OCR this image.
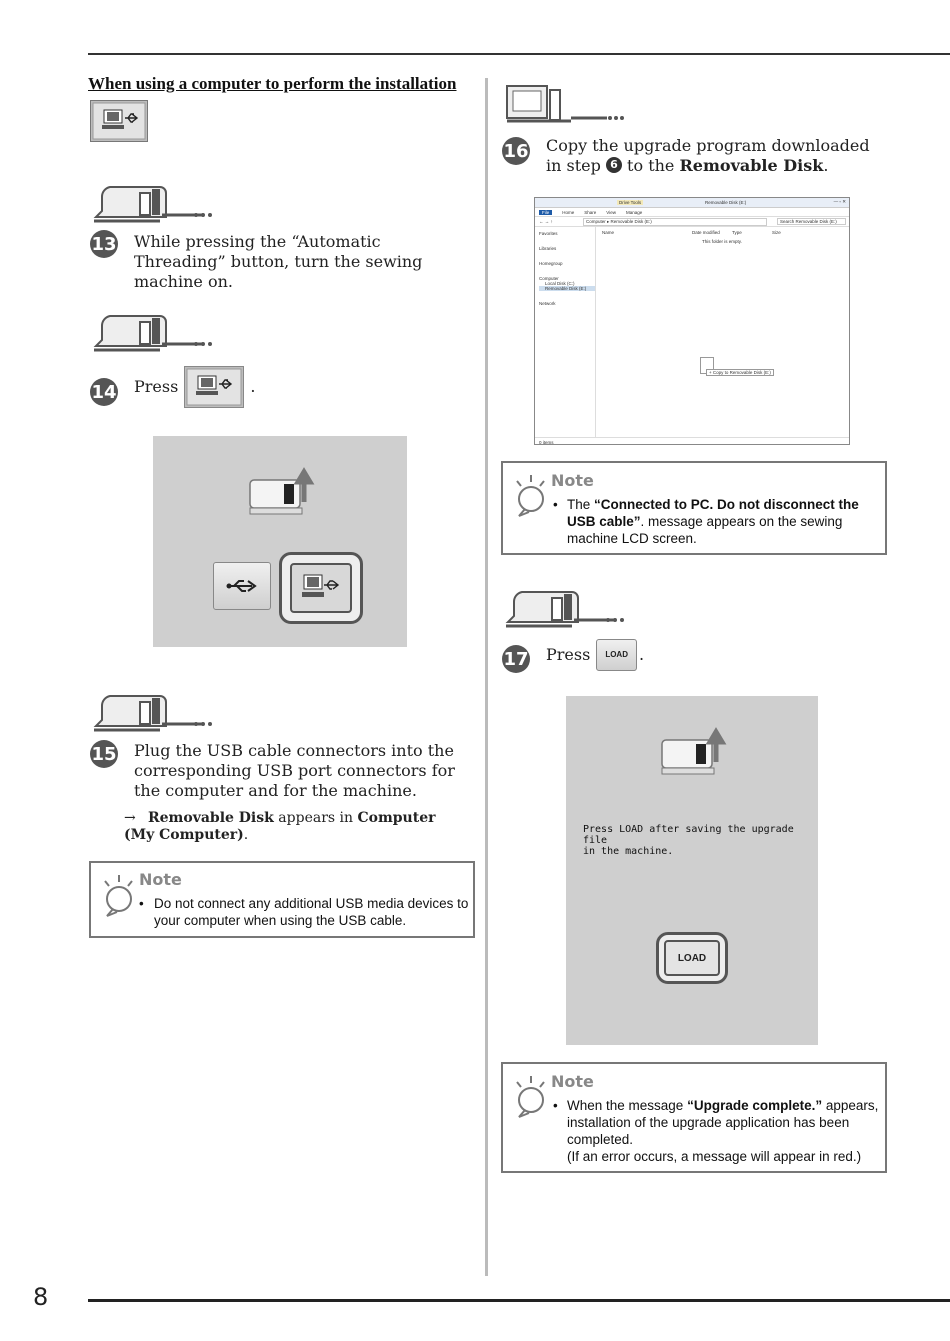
8
When using a computer to perform the installation
13 While pressing the “Automatic Threading” button, turn the sewing machine on.
14 Press	.
15 Plug the USB cable connectors into the corresponding USB port connectors for the computer and for the machine.
→ Removable Disk appears in Computer (My Computer).
Note
• Do not connect any additional USB media devices to your computer when using the USB cable.
16 Copy the upgrade program downloaded in step 6 to the Removable Disk.
Drive Tools	Removable Disk (E:)	— ▫ ✕
File	Home Share View Manage
← → ↑	Computer ▸ Removable Disk (E:)	Search Removable Disk (E:)
Favorites
Libraries
Homegroup
Computer
Local Disk (C:)
Removable Disk (E:)
Network
Name	Date modified	Type	Size
This folder is empty.
+ Copy to Removable Disk (E:)
0 items
Note
• The “Connected to PC. Do not disconnect the USB cable”. message appears on the sewing machine LCD screen.
17 Press	LOAD .
Press LOAD after saving the upgrade file
in the machine.
LOAD
Note
• When the message “Upgrade complete.” appears, installation of the upgrade application has been completed.
(If an error occurs, a message will appear in red.)
